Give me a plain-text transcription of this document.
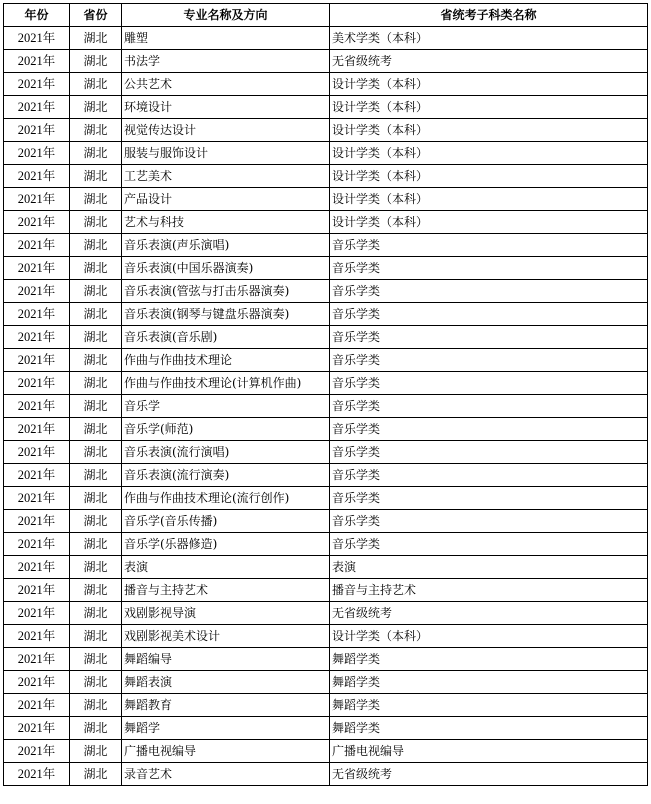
年份	省份	专业名称及方向	省统考子科类名称
2021年	湖北	雕塑	美术学类（本科）
2021年	湖北	书法学	无省级统考
2021年	湖北	公共艺术	设计学类（本科）
2021年	湖北	环境设计	设计学类（本科）
2021年	湖北	视觉传达设计	设计学类（本科）
2021年	湖北	服装与服饰设计	设计学类（本科）
2021年	湖北	工艺美术	设计学类（本科）
2021年	湖北	产品设计	设计学类（本科）
2021年	湖北	艺术与科技	设计学类（本科）
2021年	湖北	音乐表演(声乐演唱)	音乐学类
2021年	湖北	音乐表演(中国乐器演奏)	音乐学类
2021年	湖北	音乐表演(管弦与打击乐器演奏)	音乐学类
2021年	湖北	音乐表演(钢琴与键盘乐器演奏)	音乐学类
2021年	湖北	音乐表演(音乐剧)	音乐学类
2021年	湖北	作曲与作曲技术理论	音乐学类
2021年	湖北	作曲与作曲技术理论(计算机作曲)	音乐学类
2021年	湖北	音乐学	音乐学类
2021年	湖北	音乐学(师范)	音乐学类
2021年	湖北	音乐表演(流行演唱)	音乐学类
2021年	湖北	音乐表演(流行演奏)	音乐学类
2021年	湖北	作曲与作曲技术理论(流行创作)	音乐学类
2021年	湖北	音乐学(音乐传播)	音乐学类
2021年	湖北	音乐学(乐器修造)	音乐学类
2021年	湖北	表演	表演
2021年	湖北	播音与主持艺术	播音与主持艺术
2021年	湖北	戏剧影视导演	无省级统考
2021年	湖北	戏剧影视美术设计	设计学类（本科）
2021年	湖北	舞蹈编导	舞蹈学类
2021年	湖北	舞蹈表演	舞蹈学类
2021年	湖北	舞蹈教育	舞蹈学类
2021年	湖北	舞蹈学	舞蹈学类
2021年	湖北	广播电视编导	广播电视编导
2021年	湖北	录音艺术	无省级统考
